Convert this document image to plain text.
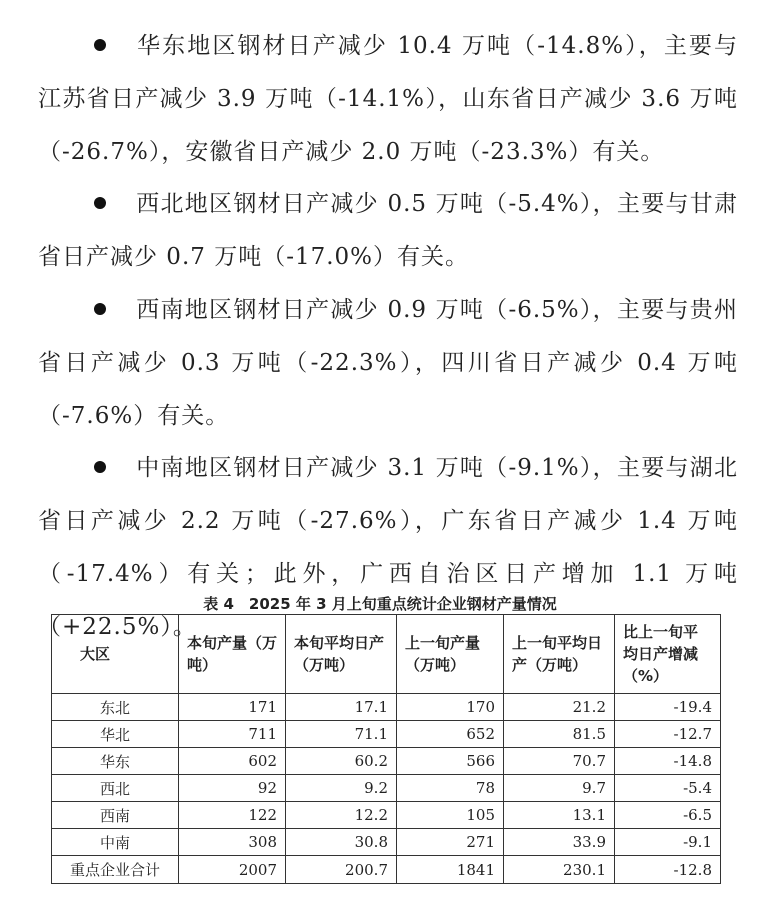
华东地区钢材日产减少 10.4 万吨（-14.8%），主要与江苏省日产减少 3.9 万吨（-14.1%），山东省日产减少 3.6 万吨（-26.7%），安徽省日产减少 2.0 万吨（-23.3%）有关。
西北地区钢材日产减少 0.5 万吨（-5.4%），主要与甘肃省日产减少 0.7 万吨（-17.0%）有关。
西南地区钢材日产减少 0.9 万吨（-6.5%），主要与贵州省日产减少 0.3 万吨（-22.3%），四川省日产减少 0.4 万吨（-7.6%）有关。
中南地区钢材日产减少 3.1 万吨（-9.1%），主要与湖北省日产减少 2.2 万吨（-27.6%），广东省日产减少 1.4 万吨（-17.4%）有关；此外，广西自治区日产增加 1.1 万吨（+22.5%）。
表 4　2025 年 3 月上旬重点统计企业钢材产量情况
大区	本旬产量（万吨）	本旬平均日产（万吨）	上一旬产量（万吨）	上一旬平均日产（万吨）	比上一旬平均日产增减（%）
东北	171	17.1	170	21.2	-19.4
华北	711	71.1	652	81.5	-12.7
华东	602	60.2	566	70.7	-14.8
西北	92	9.2	78	9.7	-5.4
西南	122	12.2	105	13.1	-6.5
中南	308	30.8	271	33.9	-9.1
重点企业合计	2007	200.7	1841	230.1	-12.8
